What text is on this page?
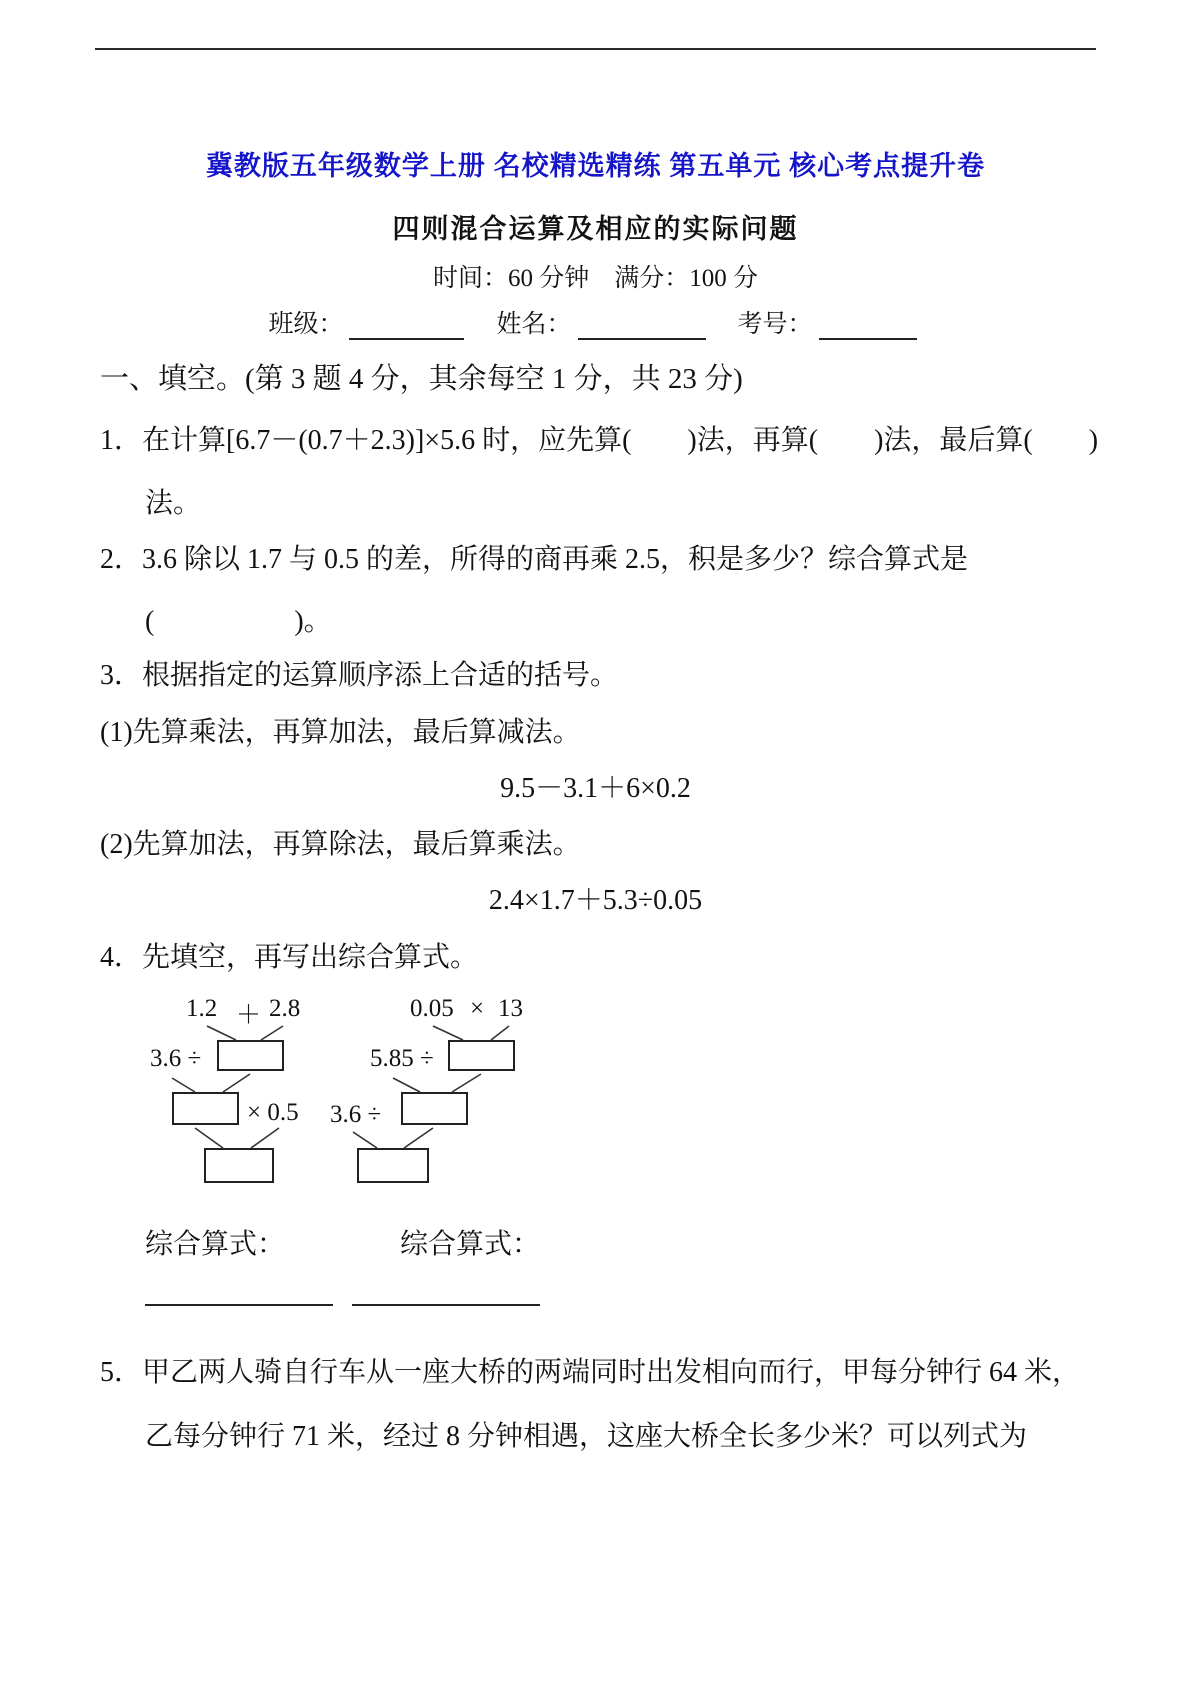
冀教版五年级数学上册 名校精选精练 第五单元 核心考点提升卷
四则混合运算及相应的实际问题
时间：60 分钟　满分：100 分
班级：	姓名：	考号：
一、填空。(第 3 题 4 分，其余每空 1 分，共 23 分)
1．在计算[6.7－(0.7＋2.3)]×5.6 时，应先算(　　)法，再算(　　)法，最后算(　　)
法。
2．3.6 除以 1.7 与 0.5 的差，所得的商再乘 2.5，积是多少？综合算式是
(　　　　　)。
3．根据指定的运算顺序添上合适的括号。
(1)先算乘法，再算加法，最后算减法。
9.5－3.1＋6×0.2
(2)先算加法，再算除法，最后算乘法。
2.4×1.7＋5.3÷0.05
4．先填空，再写出综合算式。
1.2 ＋ 2.8
3.6 ÷
× 0.5
0.05 × 13
5.85 ÷
3.6 ÷
综合算式：	综合算式：
5．甲乙两人骑自行车从一座大桥的两端同时出发相向而行，甲每分钟行 64 米，
乙每分钟行 71 米，经过 8 分钟相遇，这座大桥全长多少米？可以列式为
